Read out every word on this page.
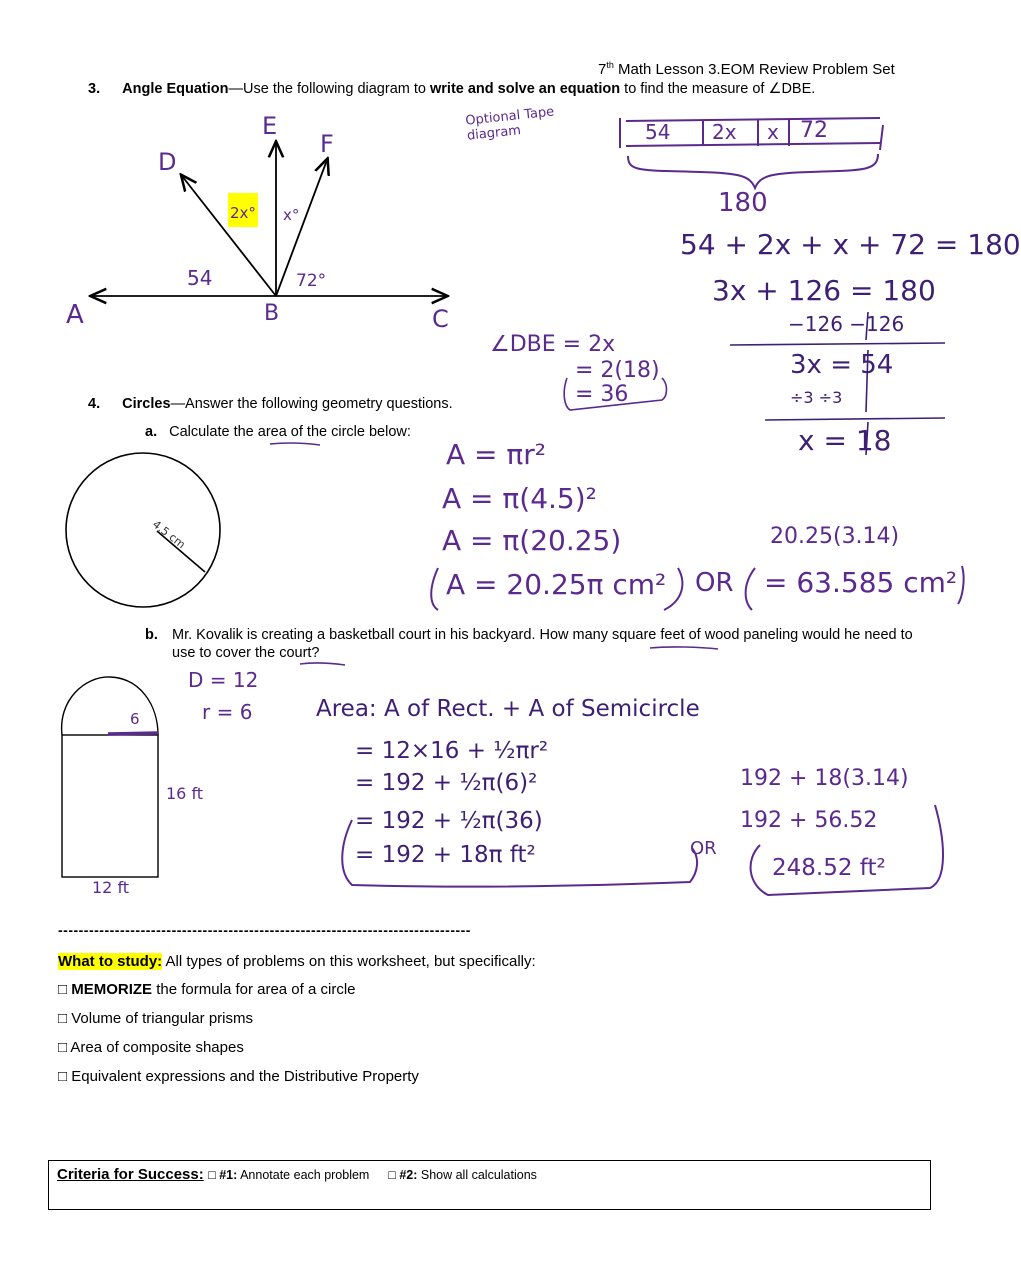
7th Math Lesson 3.EOM Review Problem Set
3. Angle Equation—Use the following diagram to write and solve an equation to find the measure of ∠DBE.
A	B	C
D
E
F
2x° x°
54	72°
Optional Tape diagram	54 2x x 72
180
54 + 2x + x + 72 = 180
3x + 126 = 180
−126 −126
3x = 54
÷3 ÷3
x = 18
∠DBE = 2x
= 2(18)
= 36
4. Circles—Answer the following geometry questions.
a. Calculate the area of the circle below:
4.5 cm
A = πr²
A = π(4.5)²
A = π(20.25)
A = 20.25π cm² OR
20.25(3.14)
= 63.585 cm²
b. Mr. Kovalik is creating a basketball court in his backyard. How many square feet of wood paneling would he need to use to cover the court?
D = 12
r = 6
6
16 ft
12 ft
Area: A of Rect. + A of Semicircle
= 12×16 + ½πr²
= 192 + ½π(6)²
= 192 + ½π(36)
= 192 + 18π ft²	OR
192 + 18(3.14)
192 + 56.52
248.52 ft²
--------------------------------------------------------------------------------
What to study: All types of problems on this worksheet, but specifically:
□ MEMORIZE the formula for area of a circle
□ Volume of triangular prisms
□ Area of composite shapes
□ Equivalent expressions and the Distributive Property
Criteria for Success: □ #1: Annotate each problem □ #2: Show all calculations
